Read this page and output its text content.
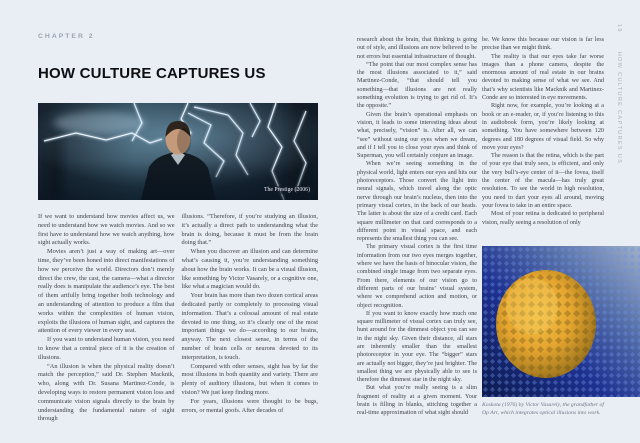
CHAPTER 2
HOW CULTURE CAPTURES US
The Prestige (2006)

If we want to understand how movies affect us, we need to understand how we watch movies. And so we first have to understand how we watch anything, how sight actually works.

Movies aren’t just a way of making art—over time, they’ve been honed into direct manifestations of how we perceive the world. Directors don’t merely direct the crew, the cast, the camera—what a director really does is manipulate the audience’s eye. The best of them artfully bring together both technology and an understanding of attention to produce a film that works within the complexities of human vision, exploits the illusions of human sight, and captures the attention of every viewer in every seat.

If you want to understand human vision, you need to know that a central piece of it is the creation of illusions.

“An illusion is when the physical reality doesn’t match the perception,” said Dr. Stephen Macknik, who, along with Dr. Susana Martinez-Conde, is developing ways to restore permanent vision loss and communicate vision signals directly to the brain by understanding the fundamental nature of sight through

illusions. “Therefore, if you’re studying an illusion, it’s actually a direct path to understanding what the brain is doing, because it must be from the brain doing that.”

When you discover an illusion and can determine what’s causing it, you’re understanding something about how the brain works. It can be a visual illusion, like something by Victor Vasarely, or a cognitive one, like what a magician would do.

Your brain has more than two dozen cortical areas dedicated partly or completely to processing visual information. That’s a colossal amount of real estate devoted to one thing, so it’s clearly one of the most important things we do—according to our brains, anyway. The next closest sense, in terms of the number of brain cells or neurons devoted to its interpretation, is touch.

Compared with other senses, sight has by far the most illusions in both quantity and variety. There are plenty of auditory illusions, but when it comes to vision? We just keep finding more.

For years, illusions were thought to be bugs, errors, or mental goofs. After decades of

research about the brain, that thinking is going out of style, and illusions are now believed to be not errors but essential infrastructure of thought.

“The point that our most complex sense has the most illusions associated to it,” said Martinez-Conde, “that should tell you something—that illusions are not really something evolution is trying to get rid of. It’s the opposite.”

Given the brain’s operational emphasis on vision, it leads to some interesting ideas about what, precisely, “vision” is. After all, we can “see” without using our eyes when we dream, and if I tell you to close your eyes and think of Superman, you will certainly conjure an image.

When we’re seeing something in the physical world, light enters our eyes and hits our photoreceptors. Those convert the light into neural signals, which travel along the optic nerve through our brain’s nucleus, then into the primary visual cortex, in the back of our heads. The latter is about the size of a credit card. Each square millimeter on that card corresponds to a different point in visual space, and each represents the smallest thing you can see.

The primary visual cortex is the first time information from our two eyes merges together, where we have the basis of binocular vision, the combined single image from two separate eyes. From there, elements of our vision go to different parts of our brains’ visual system, where we comprehend action and motion, or object recognition.

If you want to know exactly how much one square millimeter of visual cortex can truly see, hunt around for the dimmest object you can see in the night sky. Given their distance, all stars are inherently smaller than the smallest photoreceptor in your eye. The “bigger” stars are actually not bigger, they’re just brighter. The smallest thing we are physically able to see is therefore the dimmest star in the night sky.

But what you’re really seeing is a slim fragment of reality at a given moment. Your brain is filling in blanks, stitching together a real-time approximation of what sight should

be. We know this because our vision is far less precise than we might think.

The reality is that our eyes take far worse images than a phone camera, despite the enormous amount of real estate in our brains devoted to making sense of what we see. And that’s why scientists like Macknik and Martinez-Conde are so interested in eye movements.

Right now, for example, you’re looking at a book or an e-reader, or, if you’re listening to this in audiobook form, you’re likely looking at something. You have somewhere between 120 degrees and 180 degrees of visual field. So why move your eyes?

The reason is that the retina, which is the part of your eye that truly sees, is efficient, and only the very bull’s-eye center of it—the fovea, itself the center of the macula—has truly great resolution. To see the world in high resolution, you need to dart your eyes all around, moving your fovea to take in an entire space.

Most of your retina is dedicated to peripheral vision, really seeing a resolution of only

Koskota (1976) by Victor Vasarely, the grandfather of Op Art, which integrates optical illusions into work.
19 HOW CULTURE CAPTURES US
